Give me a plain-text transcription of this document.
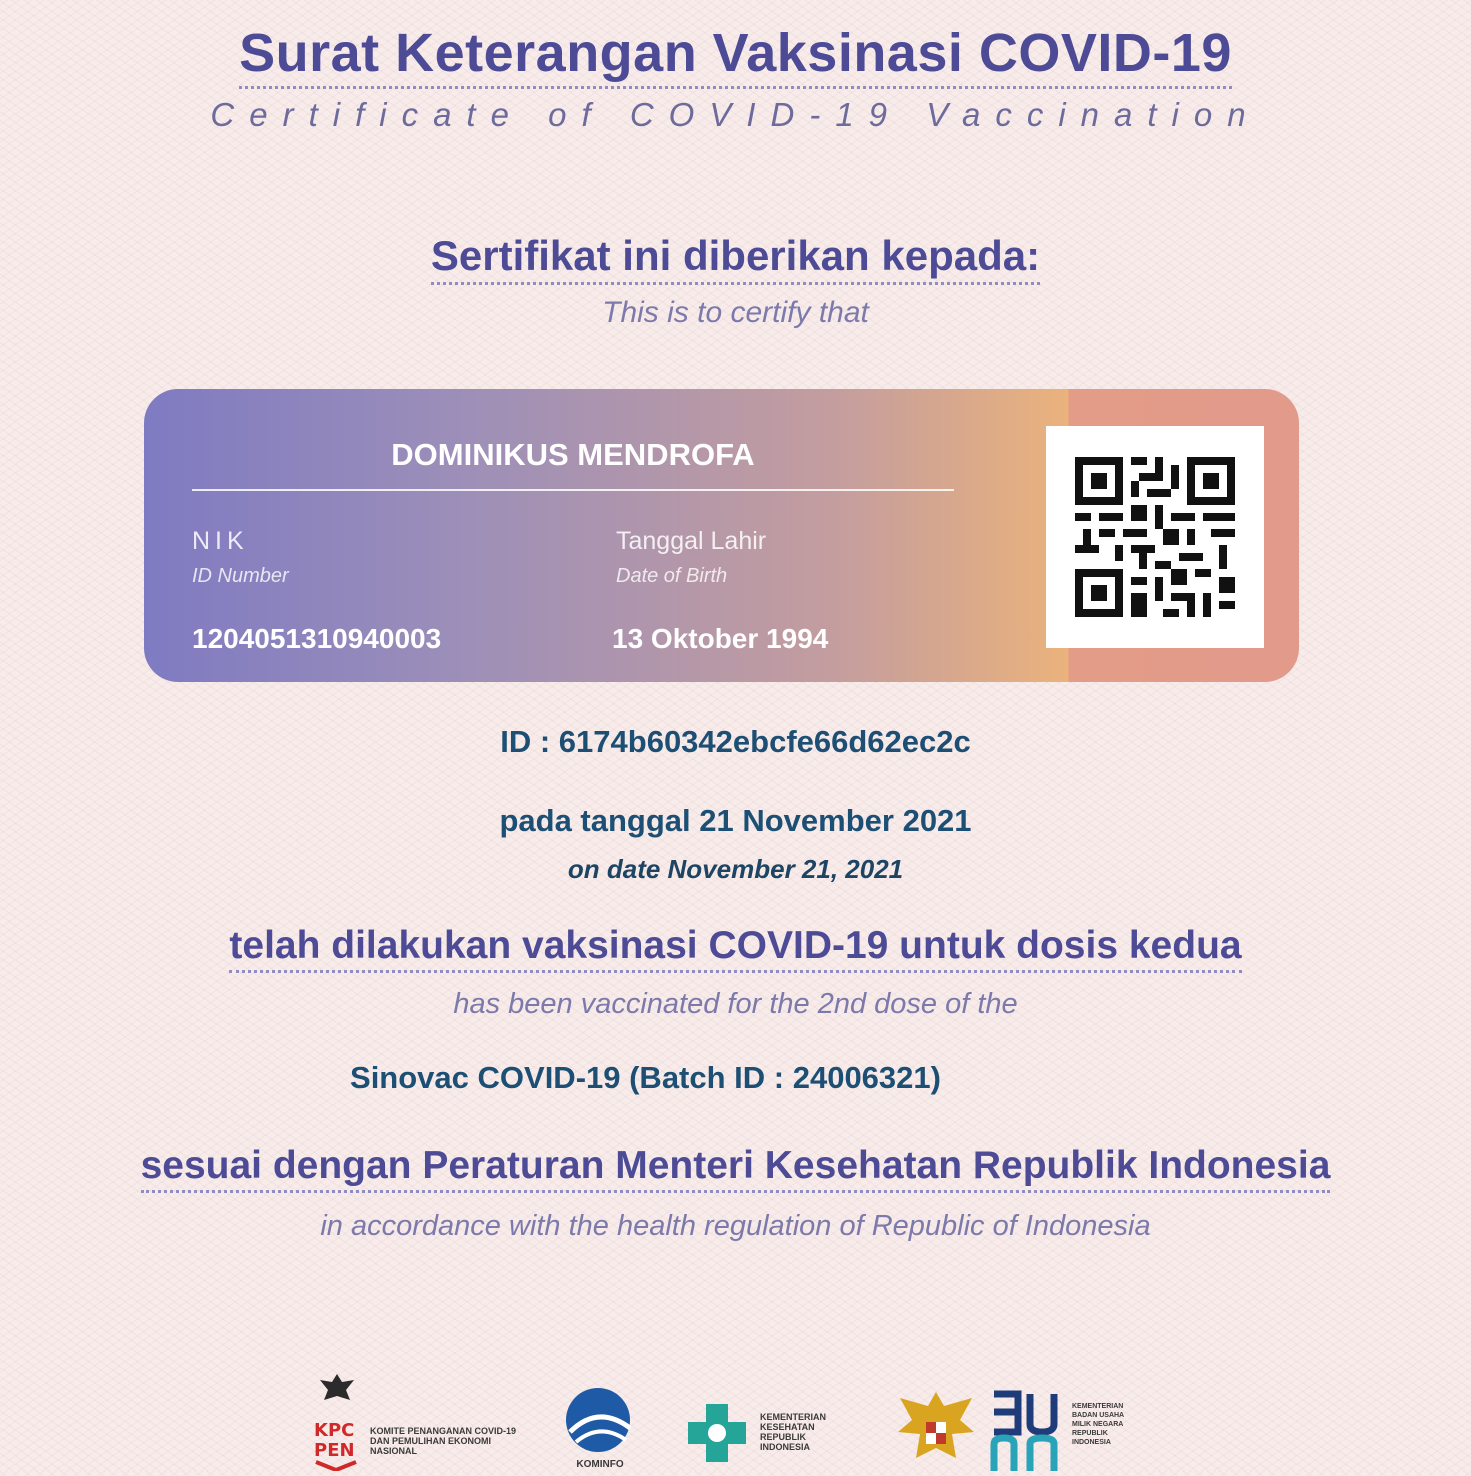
Surat Keterangan Vaksinasi COVID-19
Certificate of COVID-19 Vaccination
Sertifikat ini diberikan kepada:
This is to certify that
DOMINIKUS MENDROFA
NIK
ID Number
1204051310940003
Tanggal Lahir
Date of Birth
13 Oktober 1994
ID : 6174b60342ebcfe66d62ec2c
pada tanggal 21 November 2021
on date November 21, 2021
telah dilakukan vaksinasi COVID-19 untuk dosis kedua
has been vaccinated for the 2nd dose of the
Sinovac COVID-19 (Batch ID : 24006321)
sesuai dengan Peraturan Menteri Kesehatan Republik Indonesia
in accordance with the health regulation of Republic of Indonesia
KPC
PEN
KOMITE PENANGANAN COVID-19 DAN PEMULIHAN EKONOMI NASIONAL
KOMINFO
KEMENTERIAN KESEHATAN REPUBLIK INDONESIA
KEMENTERIAN BADAN USAHA MILIK NEGARA REPUBLIK INDONESIA
